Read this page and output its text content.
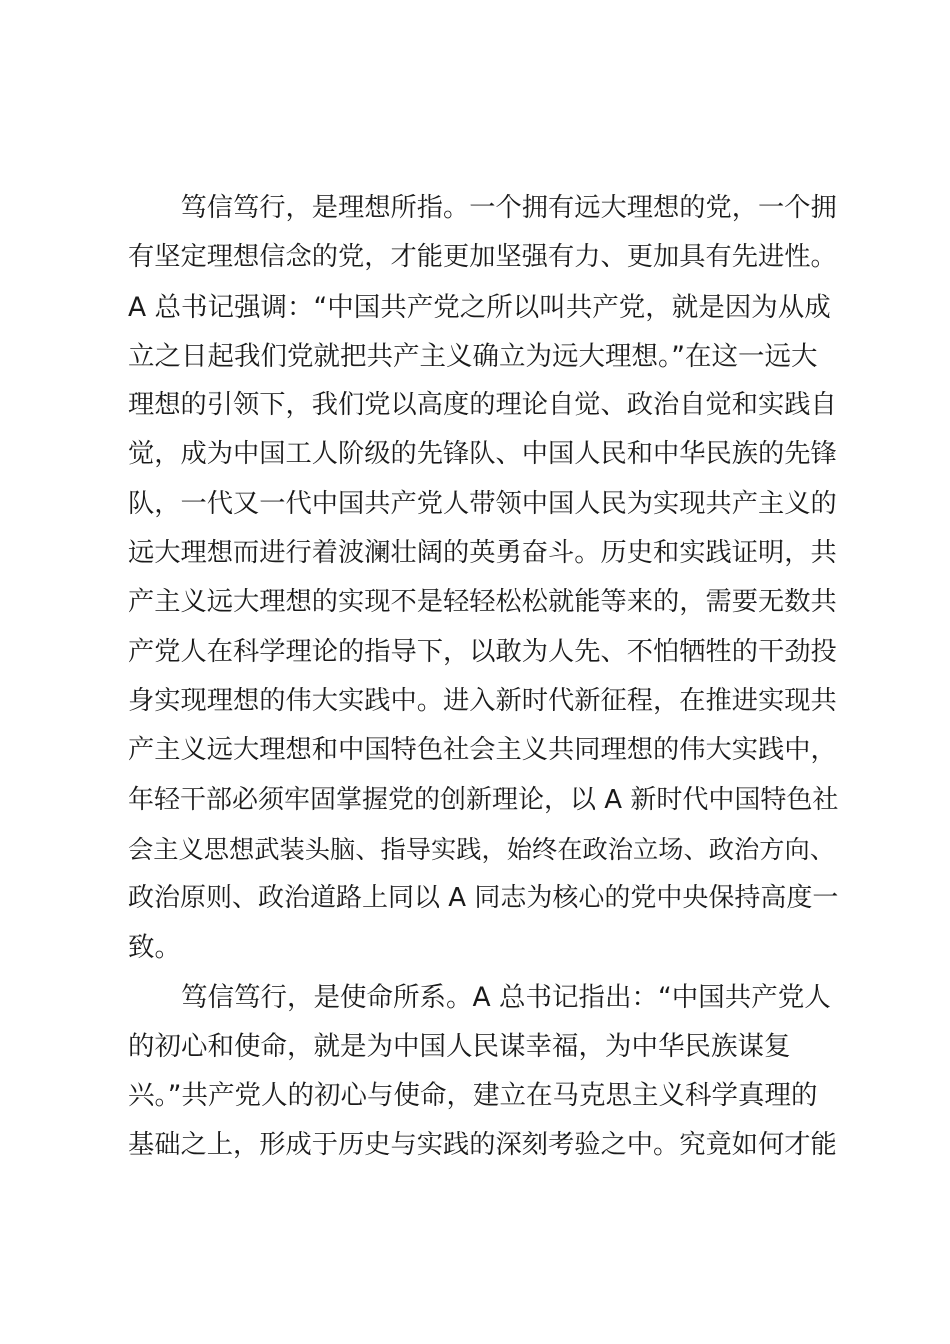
　　笃信笃行，是理想所指。一个拥有远大理想的党，一个拥
有坚定理想信念的党，才能更加坚强有力、更加具有先进性。
A 总书记强调：“中国共产党之所以叫共产党，就是因为从成
立之日起我们党就把共产主义确立为远大理想。”在这一远大
理想的引领下，我们党以高度的理论自觉、政治自觉和实践自
觉，成为中国工人阶级的先锋队、中国人民和中华民族的先锋
队，一代又一代中国共产党人带领中国人民为实现共产主义的
远大理想而进行着波澜壮阔的英勇奋斗。历史和实践证明，共
产主义远大理想的实现不是轻轻松松就能等来的，需要无数共
产党人在科学理论的指导下，以敢为人先、不怕牺牲的干劲投
身实现理想的伟大实践中。进入新时代新征程，在推进实现共
产主义远大理想和中国特色社会主义共同理想的伟大实践中，
年轻干部必须牢固掌握党的创新理论，以 A 新时代中国特色社
会主义思想武装头脑、指导实践，始终在政治立场、政治方向、
政治原则、政治道路上同以 A 同志为核心的党中央保持高度一
致。
　　笃信笃行，是使命所系。A 总书记指出：“中国共产党人
的初心和使命，就是为中国人民谋幸福，为中华民族谋复
兴。”共产党人的初心与使命，建立在马克思主义科学真理的
基础之上，形成于历史与实践的深刻考验之中。究竟如何才能
